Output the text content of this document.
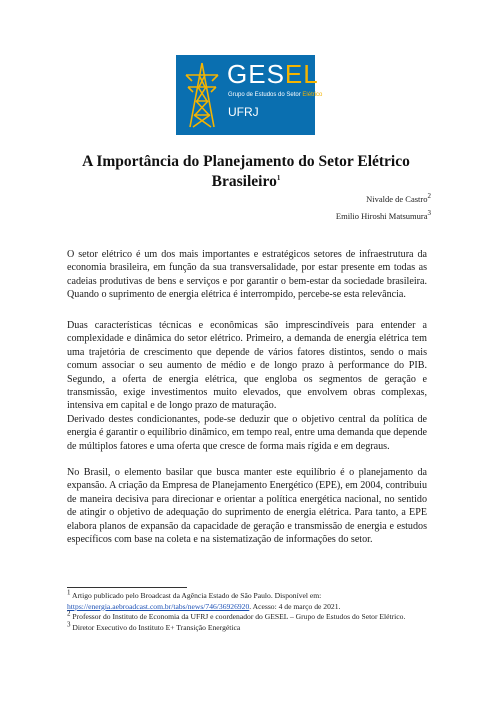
GESEL
Grupo de Estudos do Setor Elétrico
UFRJ
A Importância do Planejamento do Setor Elétrico Brasileiro$^1$
Nivalde de Castro$^2$
Emilio Hiroshi Matsumura$^3$

O setor elétrico é um dos mais importantes e estratégicos setores de infraestrutura da economia brasileira, em função da sua transversalidade, por estar presente em todas as cadeias produtivas de bens e serviços e por garantir o bem-estar da sociedade brasileira. Quando o suprimento de energia elétrica é interrompido, percebe-se esta relevância.

Duas características técnicas e econômicas são imprescindíveis para entender a complexidade e dinâmica do setor elétrico. Primeiro, a demanda de energia elétrica tem uma trajetória de crescimento que depende de vários fatores distintos, sendo o mais comum associar o seu aumento de médio e de longo prazo à performance do PIB. Segundo, a oferta de energia elétrica, que engloba os segmentos de geração e transmissão, exige investimentos muito elevados, que envolvem obras complexas, intensiva em capital e de longo prazo de maturação.

Derivado destes condicionantes, pode-se deduzir que o objetivo central da política de energia é garantir o equilíbrio dinâmico, em tempo real, entre uma demanda que depende de múltiplos fatores e uma oferta que cresce de forma mais rígida e em degraus.

No Brasil, o elemento basilar que busca manter este equilíbrio é o planejamento da expansão. A criação da Empresa de Planejamento Energético (EPE), em 2004, contribuiu de maneira decisiva para direcionar e orientar a política energética nacional, no sentido de atingir o objetivo de adequação do suprimento de energia elétrica. Para tanto, a EPE elabora planos de expansão da capacidade de geração e transmissão de energia e estudos específicos com base na coleta e na sistematização de informações do setor.

$^1$ Artigo publicado pelo Broadcast da Agência Estado de São Paulo. Disponível em: https://energia.aebroadcast.com.br/tabs/news/746/36926920. Acesso: 4 de março de 2021.

$^2$ Professor do Instituto de Economia da UFRJ e coordenador do GESEL – Grupo de Estudos do Setor Elétrico.

$^3$ Diretor Executivo do Instituto E+ Transição Energética
